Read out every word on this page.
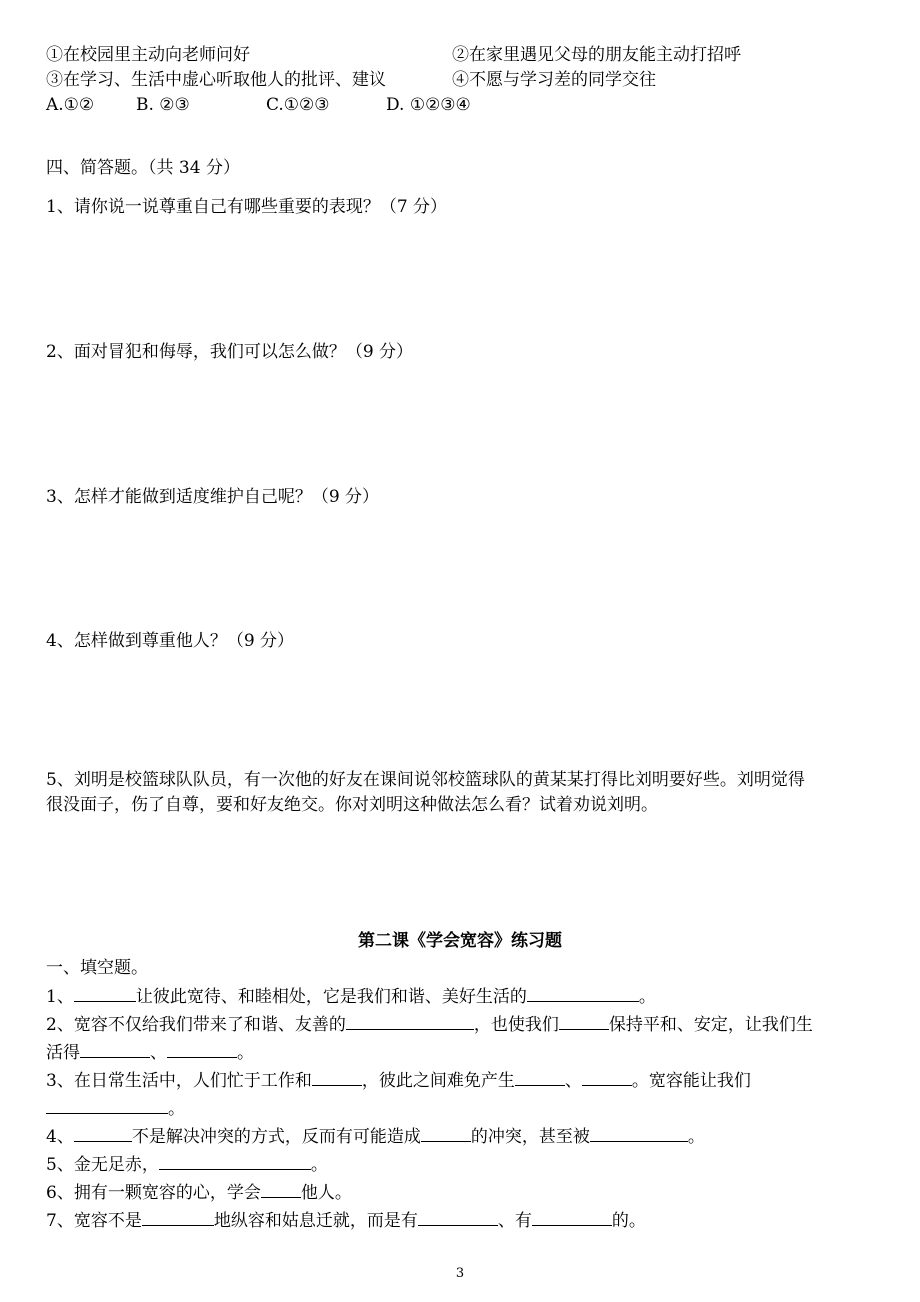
①在校园里主动向老师问好	②在家里遇见父母的朋友能主动打招呼
③在学习、生活中虚心听取他人的批评、建议	④不愿与学习差的同学交往
A.①② B. ②③	C.①②③	D. ①②③④
四、简答题。（共 34 分）
1、请你说一说尊重自己有哪些重要的表现？（7 分）
2、面对冒犯和侮辱，我们可以怎么做？（9 分）
3、怎样才能做到适度维护自己呢？（9 分）
4、怎样做到尊重他人？（9 分）
5、刘明是校篮球队队员，有一次他的好友在课间说邻校篮球队的黄某某打得比刘明要好些。刘明觉得
很没面子，伤了自尊，要和好友绝交。你对刘明这种做法怎么看？试着劝说刘明。
第二课《学会宽容》练习题
一、填空题。
1、	让彼此宽待、和睦相处，它是我们和谐、美好生活的	。
2、宽容不仅给我们带来了和谐、友善的	，也使我们	保持平和、安定，让我们生
活得	、	。
3、在日常生活中，人们忙于工作和	，彼此之间难免产生	、	。宽容能让我们
。
4、	不是解决冲突的方式，反而有可能造成	的冲突，甚至被	。
5、金无足赤，	。
6、拥有一颗宽容的心，学会 他人。
7、宽容不是	地纵容和姑息迁就，而是有	、有	的。
3
